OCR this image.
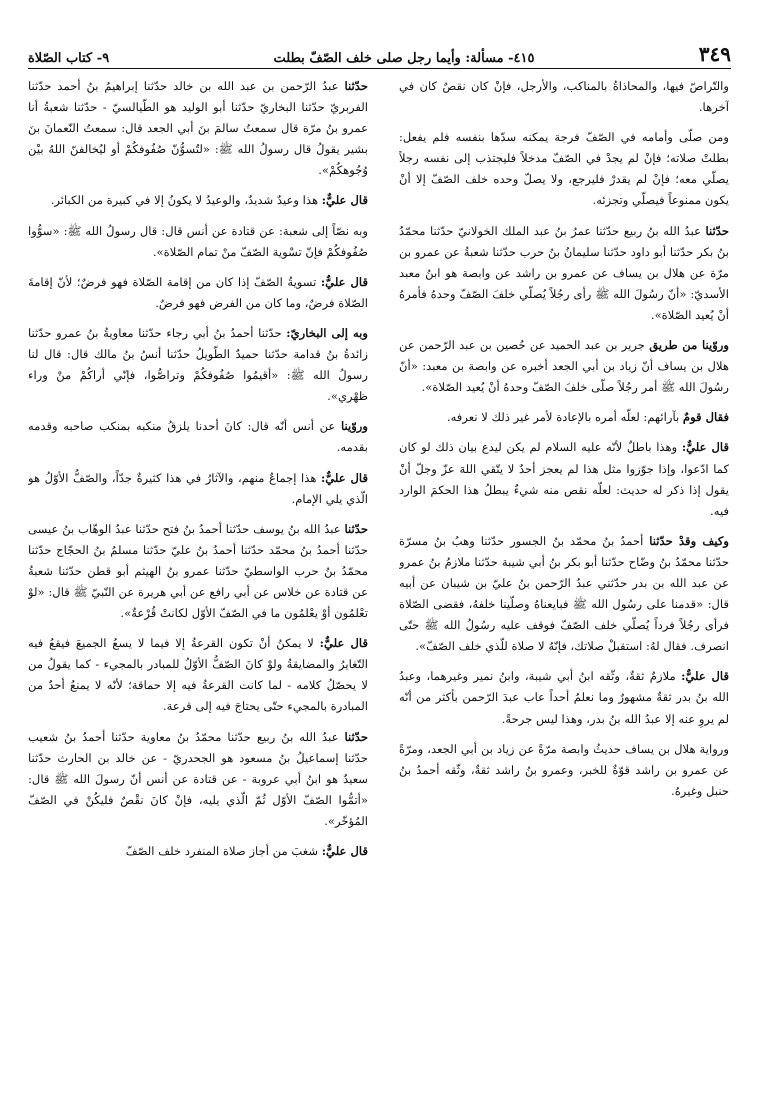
٣٤٩
٤١٥- مسألة: وأيما رجل صلى خلف الصّفّ بطلت
٩- كتاب الصّلاة

والتّراصّ فيها، والمحاذاةُ بالمناكب، والأرجل، فإنْ كان نقصٌ كان في آخرها.

ومن صلّى وأمامه في الصّفّ فرجة يمكنه سدّها بنفسه فلم يفعل: بطلتْ صلاته؛ فإنْ لم يجدْ في الصّفّ مدخلاً فليجتذب إلى نفسه رجلاً يصلّي معه؛ فإنْ لم يقدرْ فليرجع، ولا يصلّ وحده خلف الصّفّ إلا أنْ يكون ممنوعاً فيصلّي وتجزئه.

حدّثنا عبدُ الله بنُ ربيع حدّثنا عمرُ بنُ عبد الملك الخولانيّ حدّثنا محمّدُ بنُ بكر حدّثنا أبو داود حدّثنا سليمانُ بنُ حرب حدّثنا شعبةُ عن عمرو بن مرّة عن هلال بن يساف عن عمرو بن راشد عن وابصة هو ابنُ معبد الأسديّ: «أنّ رسُولَ الله ﷺ رأى رجُلاً يُصلّي خلفَ الصّفّ وحدهُ فأمرهُ أنْ يُعيد الصّلاة».

وروّينا من طريق جرير بن عبد الحميد عن حُصين بن عبد الرّحمن عن هلال بن يساف أنّ زياد بن أبي الجعد أخبره عن وابصة بن معبد: «أنّ رسُولَ الله ﷺ أمر رجُلاً صلّى خلفَ الصّفّ وحدهُ أنْ يُعيد الصّلاة».

فقال قومٌ بآرائهم: لعلّه أمره بالإعادة لأمر غير ذلك لا نعرفه.

قال عليٌّ: وهذا باطلٌ لأنّه عليه السلام لم يكن ليدع بيان ذلك لو كان كما ادّعوا، وإذا جوّزوا مثل هذا لم يعجز أحدٌ لا يتّقي اللهَ عزّ وجلّ أنْ يقول إذا ذكر له حديث: لعلّه نقص منه شيءٌ يبطلُ هذا الحكمَ الوارد فيه.

وكيف وقدْ حدّثنا أحمدُ بنُ محمّد بنُ الجسور حدّثنا وهبُ بنُ مسرّة حدّثنا محمّدُ بنُ وضّاح حدّثنا أبو بكر بنُ أبي شيبة حدّثنا ملازمُ بنُ عمرو عن عبد الله بن بدر حدّثني عبدُ الرّحمن بنُ عليّ بن شيبان عن أبيه قال: «قدمنا على رسُول الله ﷺ فبايعناهُ وصلّينا خلفهُ، فقضى الصّلاة فرأى رجُلاً فرداً يُصلّي خلف الصّفّ فوقف عليه رسُولُ الله ﷺ حتّى انصرف. فقال لهُ: استقبلْ صلاتك، فإنّهُ لا صلاة للّذي خلف الصّفّ».

قال عليٌّ: ملازمٌ ثقةٌ، وثّقه ابنُ أبي شيبة، وابنُ نمير وغيرهما، وعبدُ الله بنُ بدر ثقةٌ مشهورٌ وما نعلمُ أحداً عاب عبدَ الرّحمن بأكثر من أنّه لم يروِ عنه إلا عبدُ الله بنُ بدر، وهذا ليس جرحةً.

ورواية هلال بن يساف حديثُ وابصة مرّةً عن زياد بن أبي الجعد، ومرّةً عن عمرو بن راشد قوّةٌ للخبر، وعمرو بنُ راشد ثقةٌ، وثّقه أحمدُ بنُ حنبل وغيرهُ.

حدّثنا عبدُ الرّحمن بن عبد الله بن خالد حدّثنا إبراهيمُ بنُ أحمد حدّثنا الفربريّ حدّثنا البخاريّ حدّثنا أبو الوليد هو الطّيالسيّ - حدّثنا شعبةُ أنا عمرو بنُ مرّة قال سمعتُ سالمَ بنَ أبي الجعد قال: سمعتُ النّعمانَ بنَ بشير يقولُ قال رسولُ الله ﷺ: «لتُسوُّنّ صُفُوفكُمْ أو ليُخالفنّ اللهُ بيْن وُجُوهكُمْ».

قال عليٌّ: هذا وعيدٌ شديدٌ، والوعيدُ لا يكونُ إلا في كبيرة من الكبائر.

وبه نصّاً إلى شعبة: عن قتادة عن أنس قال: قال رسولُ الله ﷺ: «سوُّوا صُفُوفكُمْ فإنّ تسْوية الصّفّ منْ تمام الصّلاة».

قال عليٌّ: تسويةُ الصّفّ إذا كان من إقامة الصّلاة فهو فرضٌ؛ لأنّ إقامةَ الصّلاة فرضٌ، وما كان من الفرض فهو فرضٌ.

وبه إلى البخاريّ: حدّثنا أحمدُ بنُ أبي رجاء حدّثنا معاويةُ بنُ عمرو حدّثنا زائدةُ بنُ قدامة حدّثنا حميدٌ الطّويلُ حدّثنا أنسُ بنُ مالك قال: قال لنا رسولُ الله ﷺ: «أقيمُوا صُفُوفكُمْ وتراصُّوا، فإنّي أراكُمْ منْ وراء ظهْري».

وروّينا عن أنس أنّه قال: كانَ أحدنا يلزقُ منكبه بمنكب صاحبه وقدمه بقدمه.

قال عليٌّ: هذا إجماعٌ منهم، والآثارُ في هذا كثيرةٌ جدّاً، والصّفُّ الأوّلُ هو الّذي يلي الإمام.

حدّثنا عبدُ الله بنُ يوسف حدّثنا أحمدُ بنُ فتح حدّثنا عبدُ الوهّاب بنُ عيسى حدّثنا أحمدُ بنُ محمّد حدّثنا أحمدُ بنُ عليّ حدّثنا مسلمُ بنُ الحجّاج حدّثنا محمّدُ بنُ حرب الواسطيّ حدّثنا عمرو بنُ الهيثم أبو قطن حدّثنا شعبةُ عن قتادة عن خلاس عن أبي رافع عن أبي هريرة عن النّبيّ ﷺ قال: «لوْ تعْلمُون أوْ يعْلمُون ما في الصّفّ الأوّل لكانتْ قُرْعةٌ».

قال عليٌّ: لا يمكنُ أنْ تكون القرعةُ إلا فيما لا يسعُ الجميعَ فيقعُ فيه التّغايرُ والمضايقةُ ولوْ كانَ الصّفُّ الأوّلُ للمبادر بالمجيء - كما يقولُ من لا يحصّلُ كلامه - لما كانت القرعةُ فيه إلا حماقة؛ لأنّه لا يمنعُ أحدٌ من المبادرة بالمجيء حتّى يحتاجَ فيه إلى قرعة.

حدّثنا عبدُ الله بنُ ربيع حدّثنا محمّدُ بنُ معاوية حدّثنا أحمدُ بنُ شعيب حدّثنا إسماعيلُ بنُ مسعود هو الجحدريّ - عن خالد بن الحارث حدّثنا سعيدٌ هو ابنُ أبي عروبة - عن قتادة عن أنس أنّ رسولَ الله ﷺ قال: «أتمُّوا الصّفّ الأوّل ثُمّ الّذي يليه، فإنْ كانَ نقْصٌ فليكُنْ في الصّفّ المُؤخّر».

قال عليٌّ: شغبَ من أجاز صلاة المنفرد خلف الصّفّ
